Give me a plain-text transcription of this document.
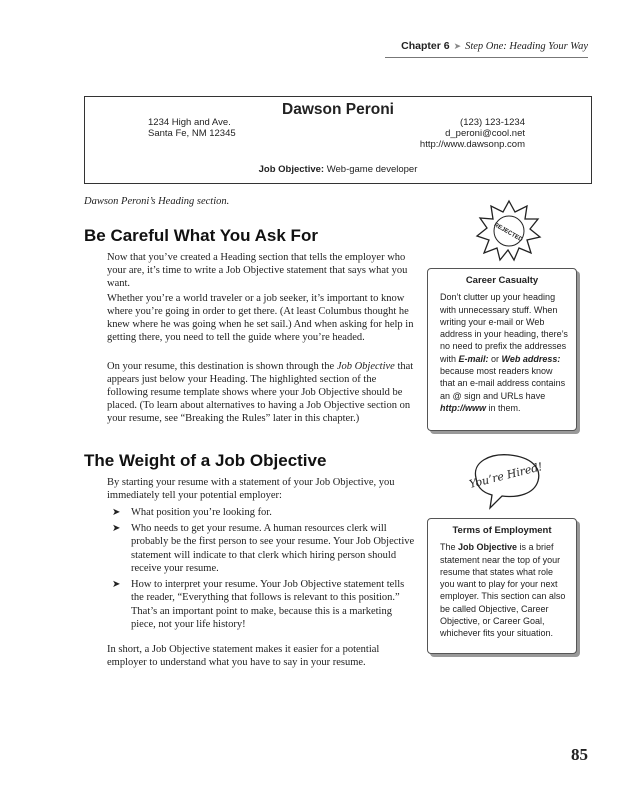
Chapter 6 ➤ Step One: Heading Your Way
Dawson Peroni
1234 High and Ave.
Santa Fe, NM 12345
(123) 123-1234
d_peroni@cool.net
http://www.dawsonp.com
Job Objective: Web-game developer
Dawson Peroni’s Heading section.
Be Careful What You Ask For

Now that you’ve created a Heading section that tells the employer who your are, it’s time to write a Job Objective statement that says what you want.

Whether you’re a world traveler or a job seeker, it’s important to know where you’re going in order to get there. (At least Columbus thought he knew where he was going when he set sail.) And when asking for help in getting there, you need to tell the guide where you’re headed.

On your resume, this destination is shown through the Job Objective that appears just below your Heading. The highlighted section of the following resume template shows where your Job Objective should be placed. (To learn about alternatives to having a Job Objective section on your resume, see “Breaking the Rules” later in this chapter.)

The Weight of a Job Objective

By starting your resume with a statement of your Job Objective, you immediately tell your potential employer:

➤ What position you’re looking for.
➤ Who needs to get your resume. A human resources clerk will probably be the first person to see your resume. Your Job Objective statement will indicate to that clerk which hiring person should receive your resume.
➤ How to interpret your resume. Your Job Objective statement tells the reader, “Everything that follows is relevant to this position.” That’s an important point to make, because this is a marketing piece, not your life history!

In short, a Job Objective statement makes it easier for a potential employer to understand what you have to say in your resume.

REJECTED
Career Casualty
Don’t clutter up your heading with unnecessary stuff. When writing your e-mail or Web address in your heading, there’s no need to prefix the addresses with E-mail: or Web address: because most readers know that an e-mail address contains an @ sign and URLs have http://www in them.
You’re Hired!
Terms of Employment
The Job Objective is a brief statement near the top of your resume that states what role you want to play for your next employer. This section can also be called Objective, Career Objective, or Career Goal, whichever fits your situation.
85
